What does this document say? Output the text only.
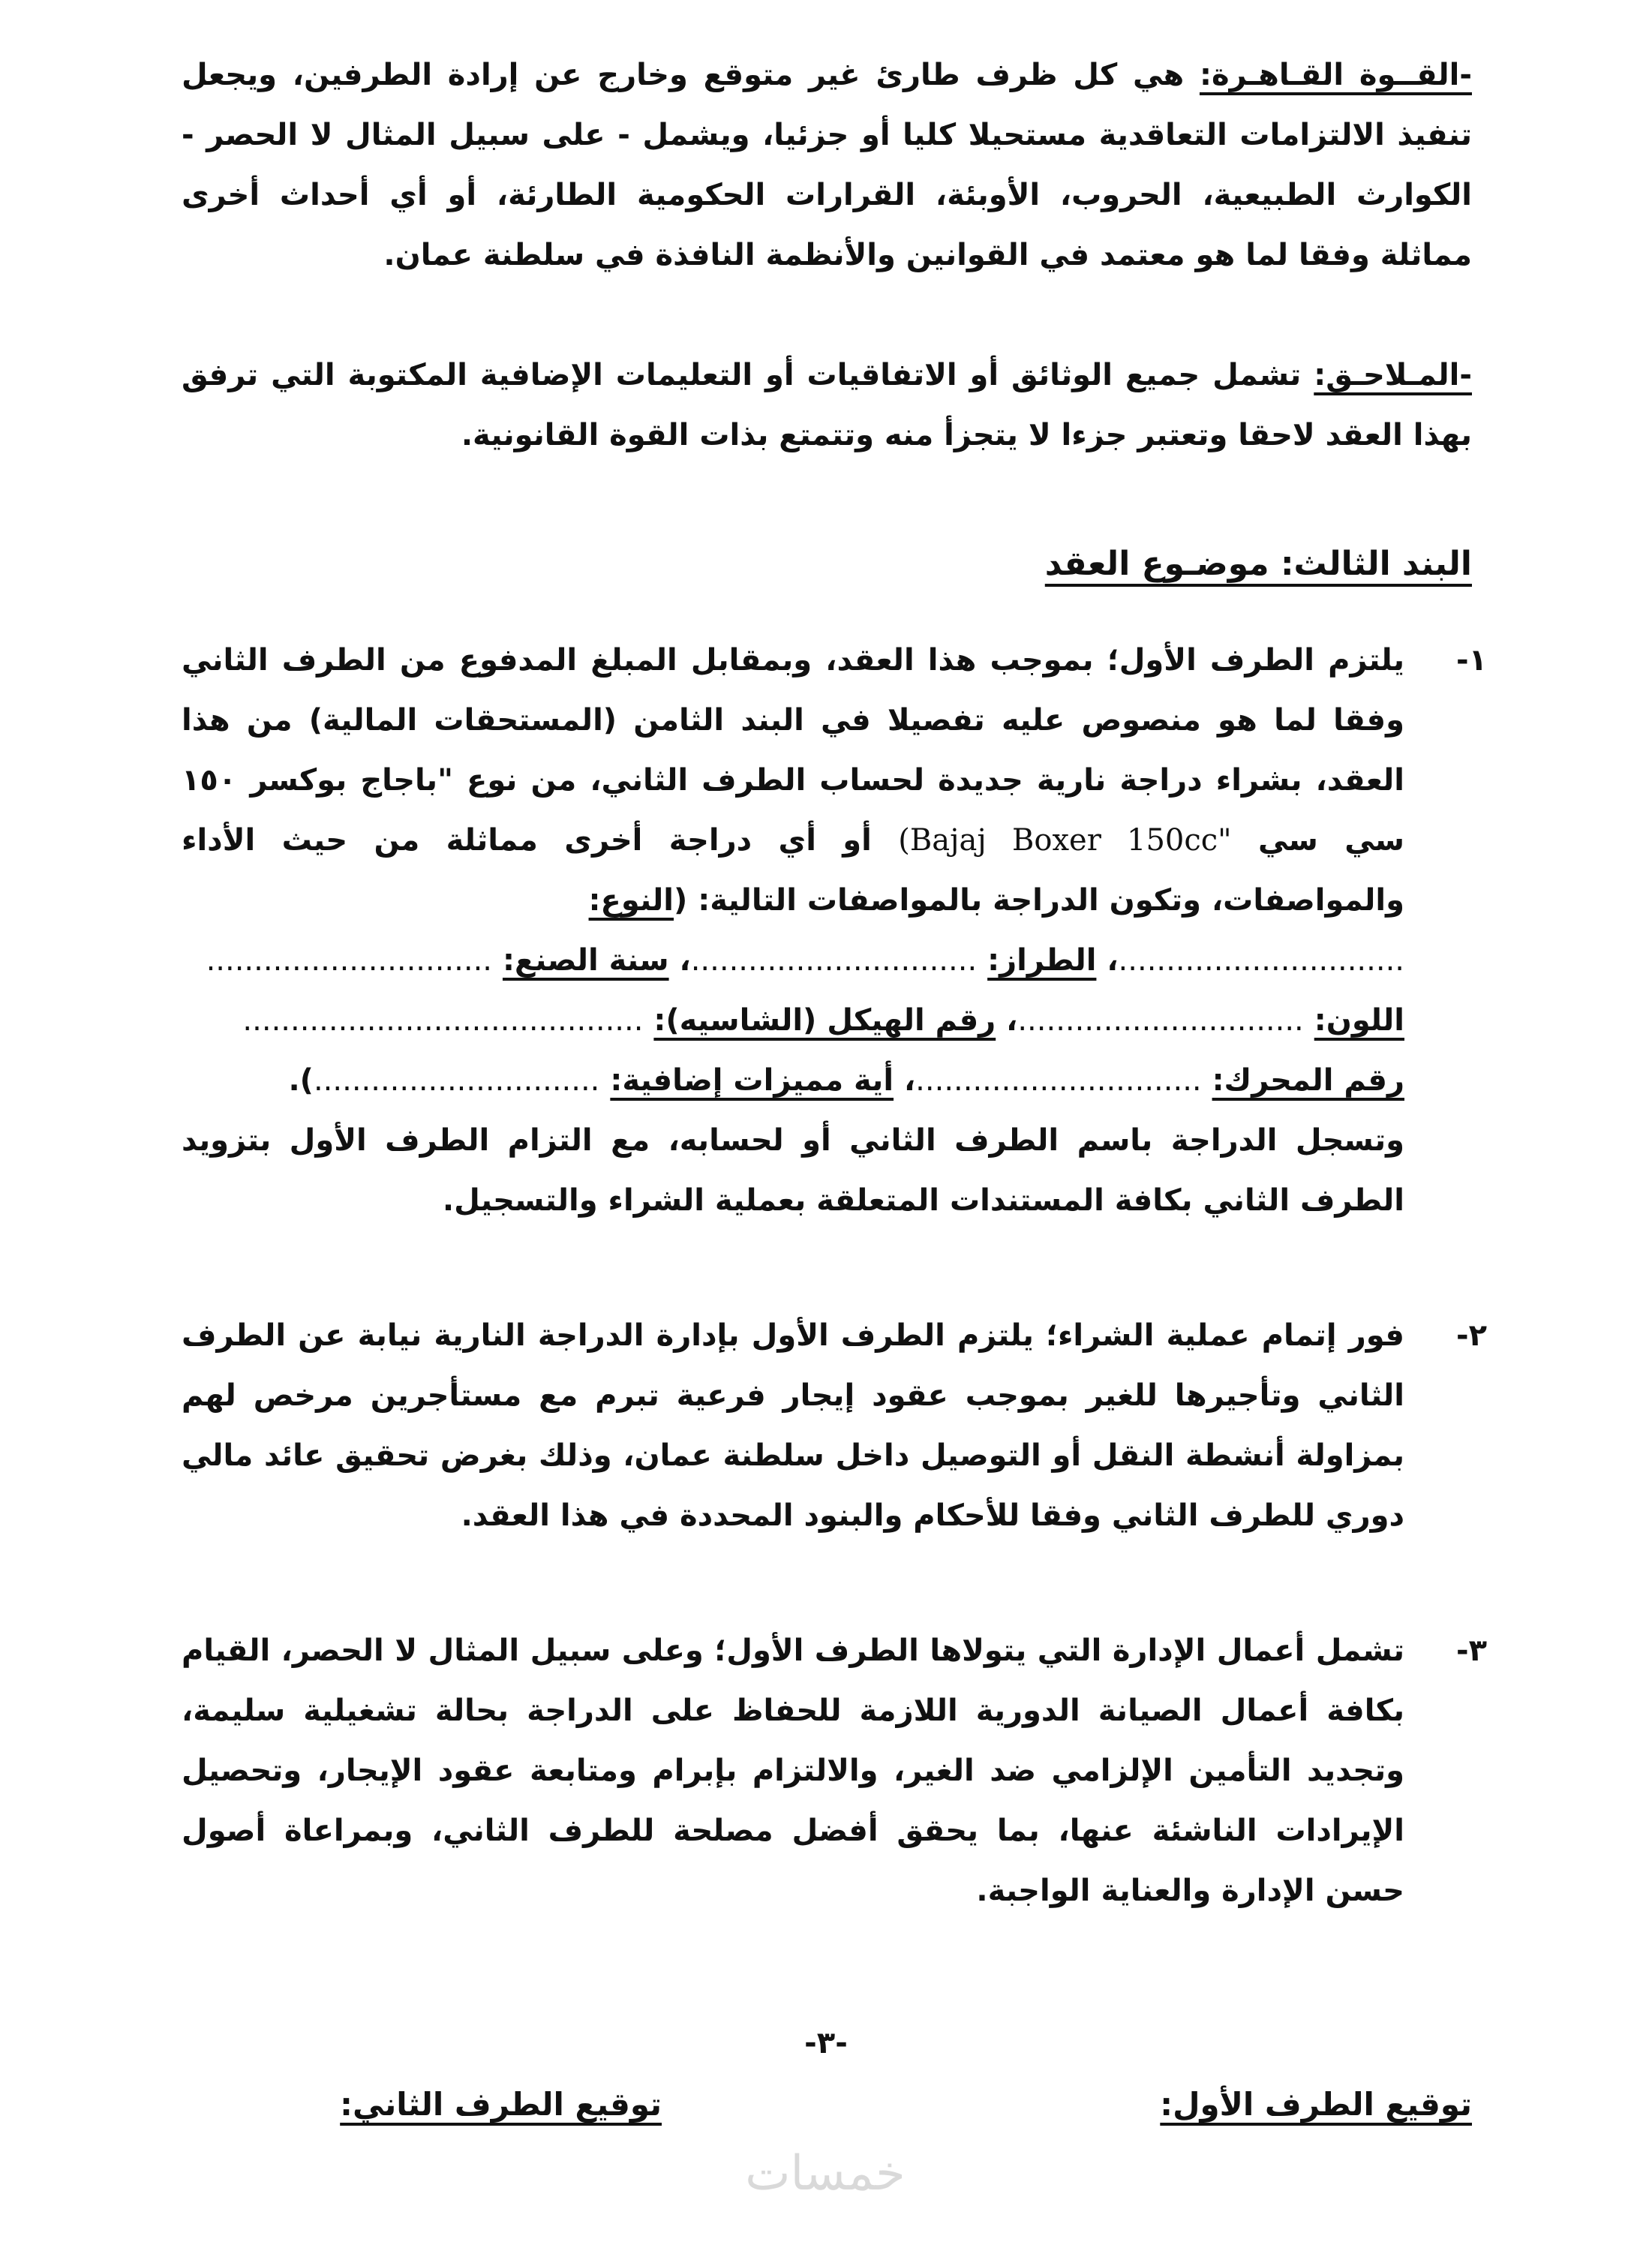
-القــوة القـاهـرة: هي كل ظرف طارئ غير متوقع وخارج عن إرادة الطرفين، ويجعل تنفيذ الالتزامات التعاقدية مستحيلا كليا أو جزئيا، ويشمل - على سبيل المثال لا الحصر - الكوارث الطبيعية، الحروب، الأوبئة، القرارات الحكومية الطارئة، أو أي أحداث أخرى مماثلة وفقا لما هو معتمد في القوانين والأنظمة النافذة في سلطنة عمان.

-المـلاحـق: تشمل جميع الوثائق أو الاتفاقيات أو التعليمات الإضافية المكتوبة التي ترفق بهذا العقد لاحقا وتعتبر جزءا لا يتجزأ منه وتتمتع بذات القوة القانونية.

البند الثالث: موضـوع العقد
١-
يلتزم الطرف الأول؛ بموجب هذا العقد، وبمقابل المبلغ المدفوع من الطرف الثاني وفقا لما هو منصوص عليه تفصيلا في البند الثامن (المستحقات المالية) من هذا العقد، بشراء دراجة نارية جديدة لحساب الطرف الثاني، من نوع "باجاج بوكسر ١٥٠ سي سي (Bajaj Boxer 150cc" أو أي دراجة أخرى مماثلة من حيث الأداء والمواصفات، وتكون الدراجة بالمواصفات التالية: (النوع:
..............................، الطراز: ..............................، سنة الصنع: ..............................
اللون: ..............................، رقم الهيكل (الشاسيه): ..........................................
رقم المحرك: ..............................، أية مميزات إضافية: ..............................).
وتسجل الدراجة باسم الطرف الثاني أو لحسابه، مع التزام الطرف الأول بتزويد الطرف الثاني بكافة المستندات المتعلقة بعملية الشراء والتسجيل.
٢-
فور إتمام عملية الشراء؛ يلتزم الطرف الأول بإدارة الدراجة النارية نيابة عن الطرف الثاني وتأجيرها للغير بموجب عقود إيجار فرعية تبرم مع مستأجرين مرخص لهم بمزاولة أنشطة النقل أو التوصيل داخل سلطنة عمان، وذلك بغرض تحقيق عائد مالي دوري للطرف الثاني وفقا للأحكام والبنود المحددة في هذا العقد.
٣-
تشمل أعمال الإدارة التي يتولاها الطرف الأول؛ وعلى سبيل المثال لا الحصر، القيام بكافة أعمال الصيانة الدورية اللازمة للحفاظ على الدراجة بحالة تشغيلية سليمة، وتجديد التأمين الإلزامي ضد الغير، والالتزام بإبرام ومتابعة عقود الإيجار، وتحصيل الإيرادات الناشئة عنها، بما يحقق أفضل مصلحة للطرف الثاني، وبمراعاة أصول حسن الإدارة والعناية الواجبة.
-٣-
توقيع الطرف الأول:
توقيع الطرف الثاني:
خمسات
